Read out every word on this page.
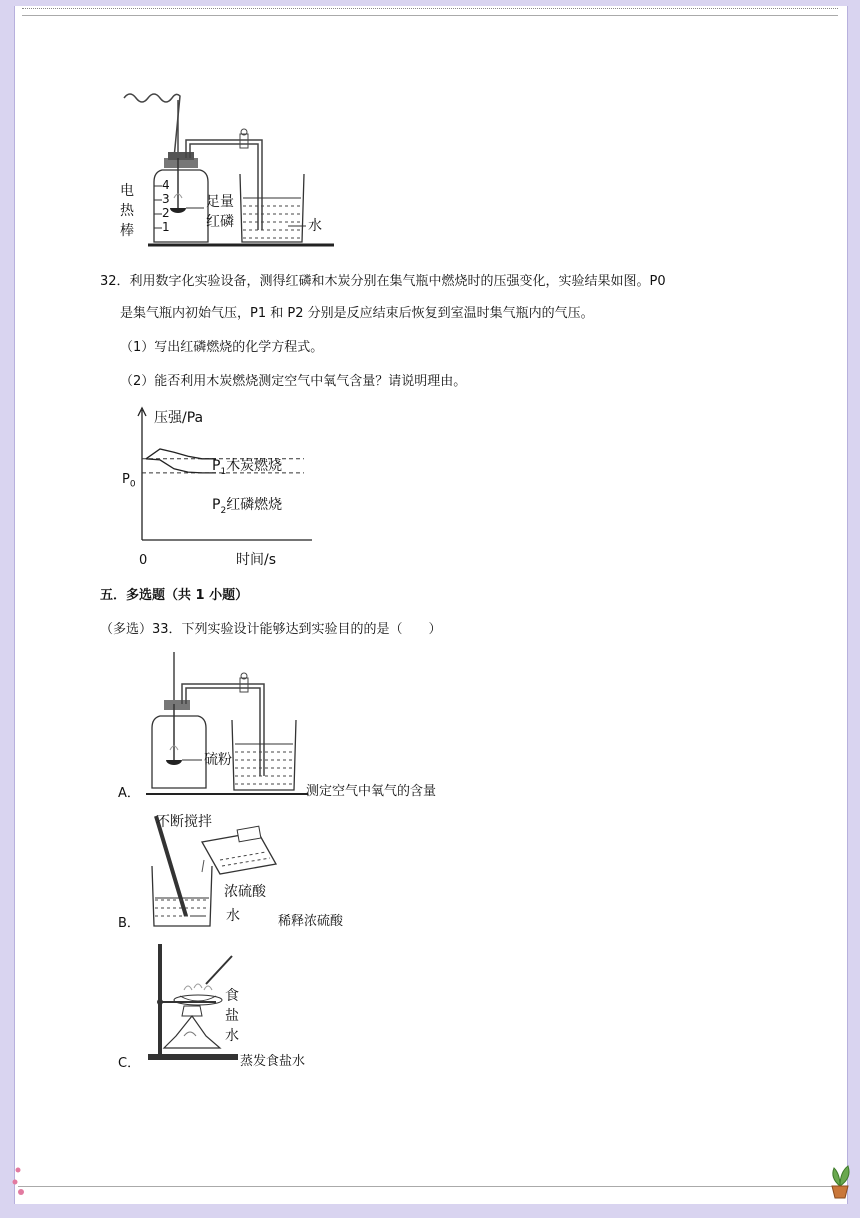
电
热
棒
4
3
2
1
足量
红磷	水
32．利用数字化实验设备，测得红磷和木炭分别在集气瓶中燃烧时的压强变化，实验结果如图。P0
是集气瓶内初始气压，P1 和 P2 分别是反应结束后恢复到室温时集气瓶内的气压。
（1）写出红磷燃烧的化学方程式。
（2）能否利用木炭燃烧测定空气中氧气含量？请说明理由。
压强/Pa
$P_0$
$P_1$木炭燃烧
$P_2$红磷燃烧
0	时间/s
五．多选题（共 1 小题）
（多选）33．下列实验设计能够达到实验目的的是（　　）
硫粉
A．	测定空气中氧气的含量
不断搅拌
浓硫酸
水
B．	稀释浓硫酸
食
盐
水
C．	蒸发食盐水
